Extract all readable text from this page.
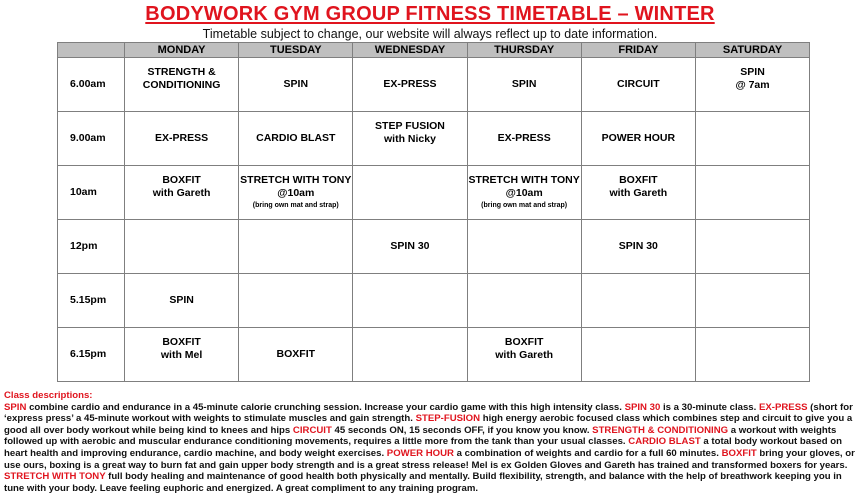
BODYWORK GYM GROUP FITNESS TIMETABLE – WINTER
Timetable subject to change, our website will always reflect up to date information.
	MONDAY	TUESDAY	WEDNESDAY	THURSDAY	FRIDAY	SATURDAY
6.00am	STRENGTH &
CONDITIONING	SPIN	EX-PRESS	SPIN	CIRCUIT	SPIN
@ 7am

9.00am	EX-PRESS	CARDIO BLAST	STEP FUSION
with Nicky	EX-PRESS	POWER HOUR	

10am	BOXFIT
with Gareth	STRETCH WITH TONY
@10am
(bring own mat and strap)		STRETCH WITH TONY
@10am
(bring own mat and strap)	BOXFIT
with Gareth	

12pm			SPIN 30		SPIN 30	

5.15pm	SPIN					

6.15pm	BOXFIT
with Mel	BOXFIT		BOXFIT
with Gareth		

Class descriptions:
SPIN combine cardio and endurance in a 45-minute calorie crunching session. Increase your cardio game with this high intensity class. SPIN 30 is a 30-minute class. EX-PRESS (short for ‘express press’ a 45-minute workout with weights to stimulate muscles and gain strength. STEP-FUSION high energy aerobic focused class which combines step and circuit to give you a good all over body workout while being kind to knees and hips CIRCUIT 45 seconds ON, 15 seconds OFF, if you know you know. STRENGTH & CONDITIONING a workout with weights followed up with aerobic and muscular endurance conditioning movements, requires a little more from the tank than your usual classes. CARDIO BLAST a total body workout based on heart health and improving endurance, cardio machine, and body weight exercises. POWER HOUR a combination of weights and cardio for a full 60 minutes. BOXFIT bring your gloves, or use ours, boxing is a great way to burn fat and gain upper body strength and is a great stress release! Mel is ex Golden Gloves and Gareth has trained and transformed boxers for years. STRETCH WITH TONY full body healing and maintenance of good health both physically and mentally. Build flexibility, strength, and balance with the help of breathwork keeping you in tune with your body. Leave feeling euphoric and energized. A great compliment to any training program.
